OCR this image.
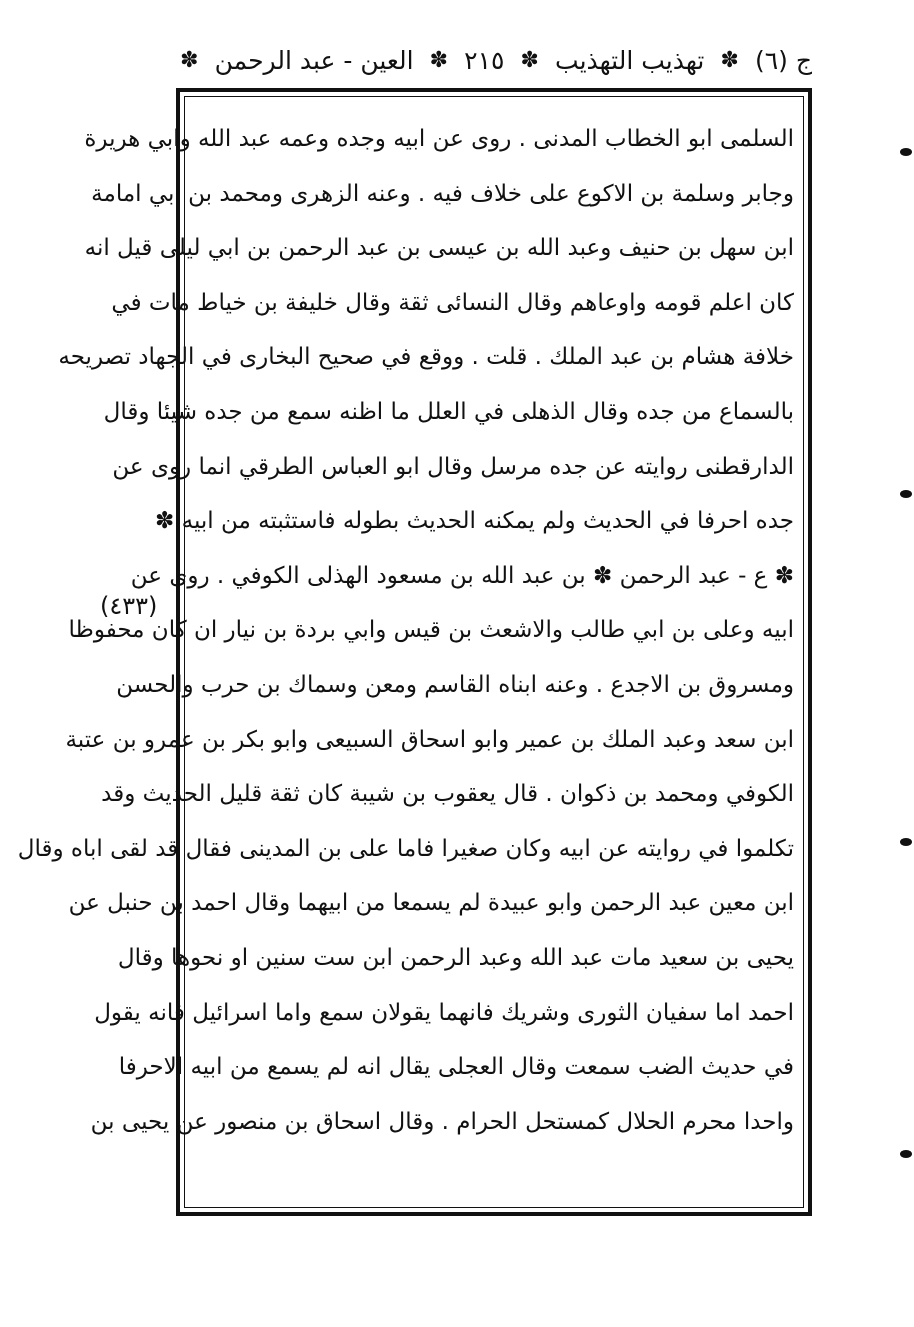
ج (٦)
✽
تهذيب التهذيب
✽
٢١٥
✽
العين - عبد الرحمن
✽
السلمى ابو الخطاب المدنى . روى عن ابيه وجده وعمه عبد الله وابي هريرة
وجابر وسلمة بن الاكوع على خلاف فيه . وعنه الزهرى ومحمد بن ابي امامة
ابن سهل بن حنيف وعبد الله بن عيسى بن عبد الرحمن بن ابي ليلى قيل انه
كان اعلم قومه واوعاهم وقال النسائى ثقة وقال خليفة بن خياط مات في
خلافة هشام بن عبد الملك . قلت . ووقع في صحيح البخارى في الجهاد تصريحه
بالسماع من جده وقال الذهلى في العلل ما اظنه سمع من جده شيئا وقال
الدارقطنى روايته عن جده مرسل وقال ابو العباس الطرقي انما روى عن
جده احرفا في الحديث ولم يمكنه الحديث بطوله فاستثبته من ابيه ✽
✽ ع - عبد الرحمن ✽ بن عبد الله بن مسعود الهذلى الكوفي . روى عن
ابيه وعلى بن ابي طالب والاشعث بن قيس وابي بردة بن نيار ان كان محفوظا
ومسروق بن الاجدع . وعنه ابناه القاسم ومعن وسماك بن حرب والحسن
ابن سعد وعبد الملك بن عمير وابو اسحاق السبيعى وابو بكر بن عمرو بن عتبة
الكوفي ومحمد بن ذكوان . قال يعقوب بن شيبة كان ثقة قليل الحديث وقد
تكلموا في روايته عن ابيه وكان صغيرا فاما على بن المدينى فقال قد لقى اباه وقال
ابن معين عبد الرحمن وابو عبيدة لم يسمعا من ابيهما وقال احمد بن حنبل عن
يحيى بن سعيد مات عبد الله وعبد الرحمن ابن ست سنين او نحوها وقال
احمد اما سفيان الثورى وشريك فانهما يقولان سمع واما اسرائيل فانه يقول
في حديث الضب سمعت وقال العجلى يقال انه لم يسمع من ابيه الاحرفا
واحدا محرم الحلال كمستحل الحرام . وقال اسحاق بن منصور عن يحيى بن
(٤٣٣)
